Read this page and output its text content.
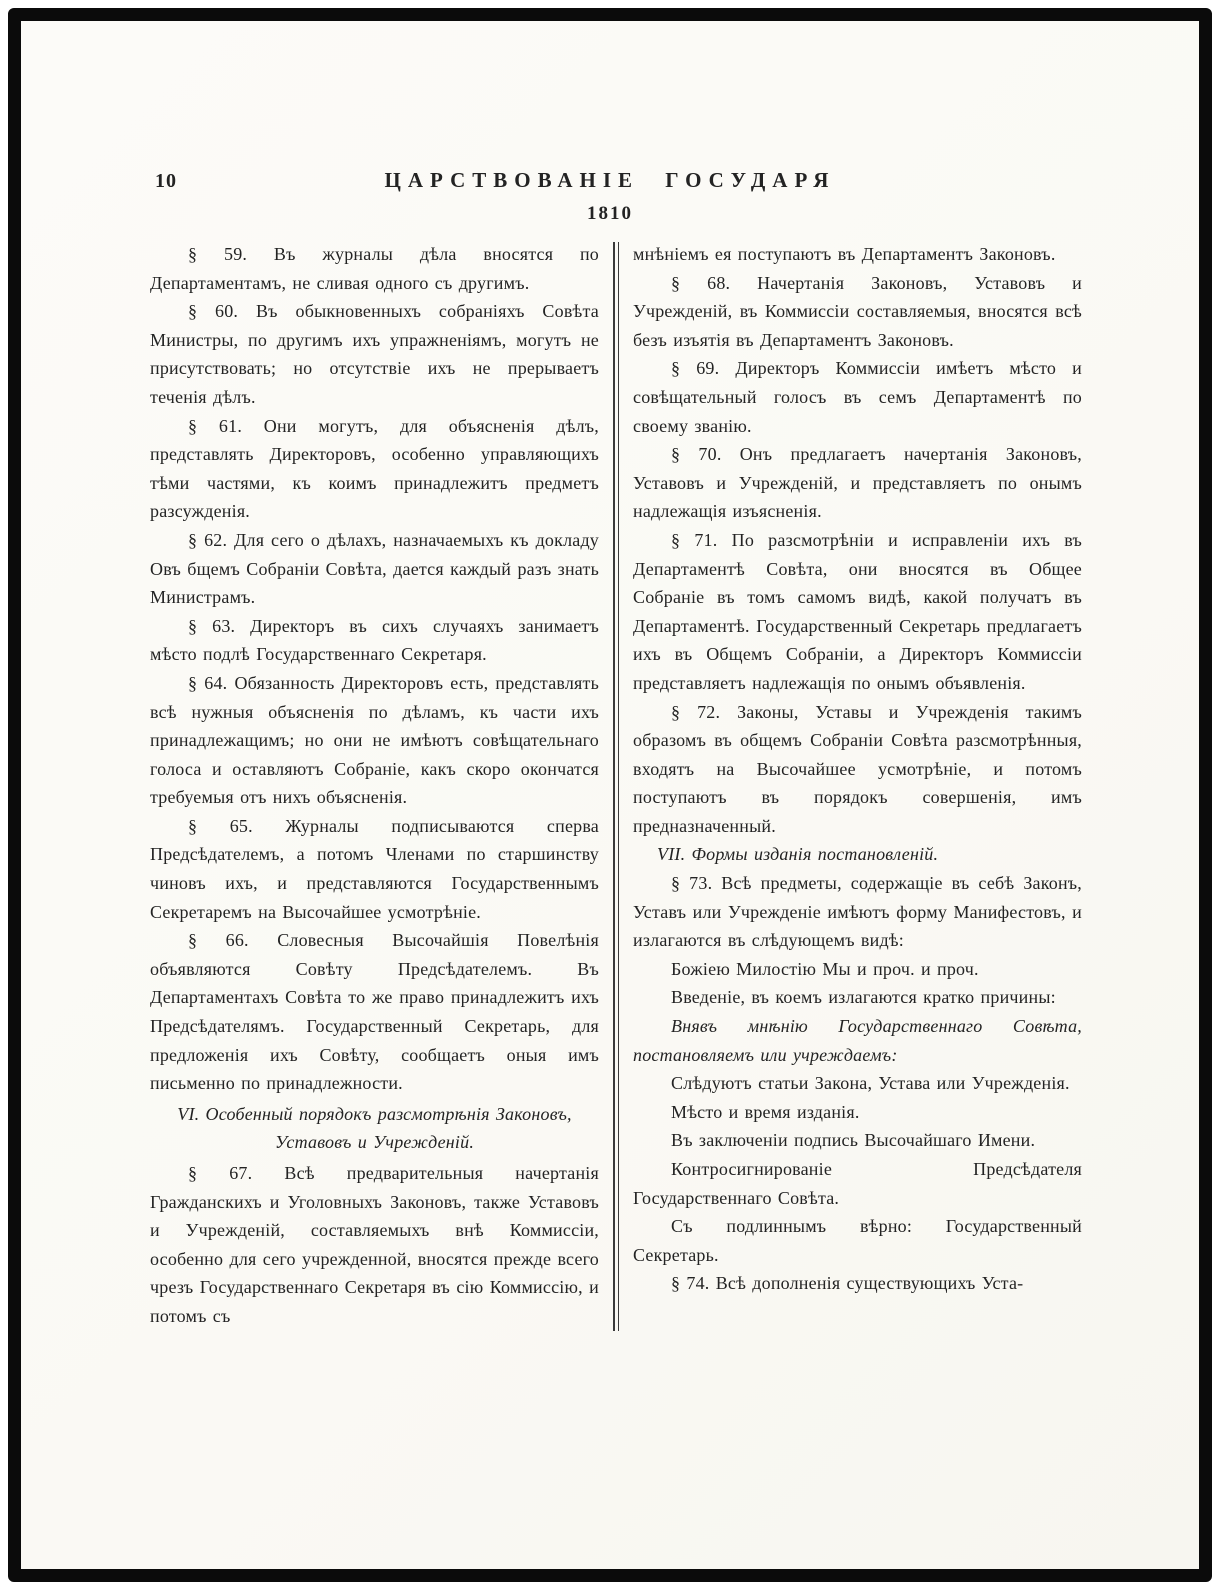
10	ЦАРСТВОВАНІЕ ГОСУДАРЯ
1810

§ 59. Въ журналы дѣла вносятся по Департаментамъ, не сливая одного съ другимъ.

§ 60. Въ обыкновенныхъ собраніяхъ Совѣта Министры, по другимъ ихъ упражненіямъ, могутъ не присутствовать; но отсутствіе ихъ не прерываетъ теченія дѣлъ.

§ 61. Они могутъ, для объясненія дѣлъ, представлять Директоровъ, особенно управляющихъ тѣми частями, къ коимъ принадлежитъ предметъ разсужденія.

§ 62. Для сего о дѣлахъ, назначаемыхъ къ докладу Овъ бщемъ Собраніи Совѣта, дается каждый разъ знать Министрамъ.

§ 63. Директоръ въ сихъ случаяхъ занимаетъ мѣсто подлѣ Государственнаго Секретаря.

§ 64. Обязанность Директоровъ есть, представлять всѣ нужныя объясненія по дѣламъ, къ части ихъ принадлежащимъ; но они не имѣютъ совѣщательнаго голоса и оставляютъ Собраніе, какъ скоро окончатся требуемыя отъ нихъ объясненія.

§ 65. Журналы подписываются сперва Предсѣдателемъ, а потомъ Членами по старшинству чиновъ ихъ, и представляются Государственнымъ Секретаремъ на Высочайшее усмотрѣніе.

§ 66. Словесныя Высочайшія Повелѣнія объявляются Совѣту Предсѣдателемъ. Въ Департаментахъ Совѣта то же право принадлежитъ ихъ Предсѣдателямъ. Государственный Секретарь, для предложенія ихъ Совѣту, сообщаетъ оныя имъ письменно по принадлежности.

VI. Особенный порядокъ разсмотрѣнія Законовъ, Уставовъ и Учрежденій.

§ 67. Всѣ предварительныя начертанія Гражданскихъ и Уголовныхъ Законовъ, также Уставовъ и Учрежденій, составляемыхъ внѣ Коммиссіи, особенно для сего учрежденной, вносятся прежде всего чрезъ Государственнаго Секретаря въ сію Коммиссію, и потомъ съ

мнѣніемъ ея поступаютъ въ Департаментъ Законовъ.

§ 68. Начертанія Законовъ, Уставовъ и Учрежденій, въ Коммиссіи составляемыя, вносятся всѣ безъ изъятія въ Департаментъ Законовъ.

§ 69. Директоръ Коммиссіи имѣетъ мѣсто и совѣщательный голосъ въ семъ Департаментѣ по своему званію.

§ 70. Онъ предлагаетъ начертанія Законовъ, Уставовъ и Учрежденій, и представляетъ по онымъ надлежащія изъясненія.

§ 71. По разсмотрѣніи и исправленіи ихъ въ Департаментѣ Совѣта, они вносятся въ Общее Собраніе въ томъ самомъ видѣ, какой получатъ въ Департаментѣ. Государственный Секретарь предлагаетъ ихъ въ Общемъ Собраніи, а Директоръ Коммиссіи представляетъ надлежащія по онымъ объявленія.

§ 72. Законы, Уставы и Учрежденія такимъ образомъ въ общемъ Собраніи Совѣта разсмотрѣнныя, входятъ на Высочайшее усмотрѣніе, и потомъ поступаютъ въ порядокъ совершенія, имъ предназначенный.

VII. Формы изданія постановленій.

§ 73. Всѣ предметы, содержащіе въ себѣ Законъ, Уставъ или Учрежденіе имѣютъ форму Манифестовъ, и излагаются въ слѣдующемъ видѣ:

Божіею Милостію Мы и проч. и проч.

Введеніе, въ коемъ излагаются кратко причины:

Внявъ мнѣнію Государственнаго Совѣта, постановляемъ или учреждаемъ:

Слѣдуютъ статьи Закона, Устава или Учрежденія.

Мѣсто и время изданія.

Въ заключеніи подпись Высочайшаго Имени.

Контросигнированіе Предсѣдателя Государственнаго Совѣта.

Съ подлиннымъ вѣрно: Государственный Секретарь.

§ 74. Всѣ дополненія существующихъ Уста-
